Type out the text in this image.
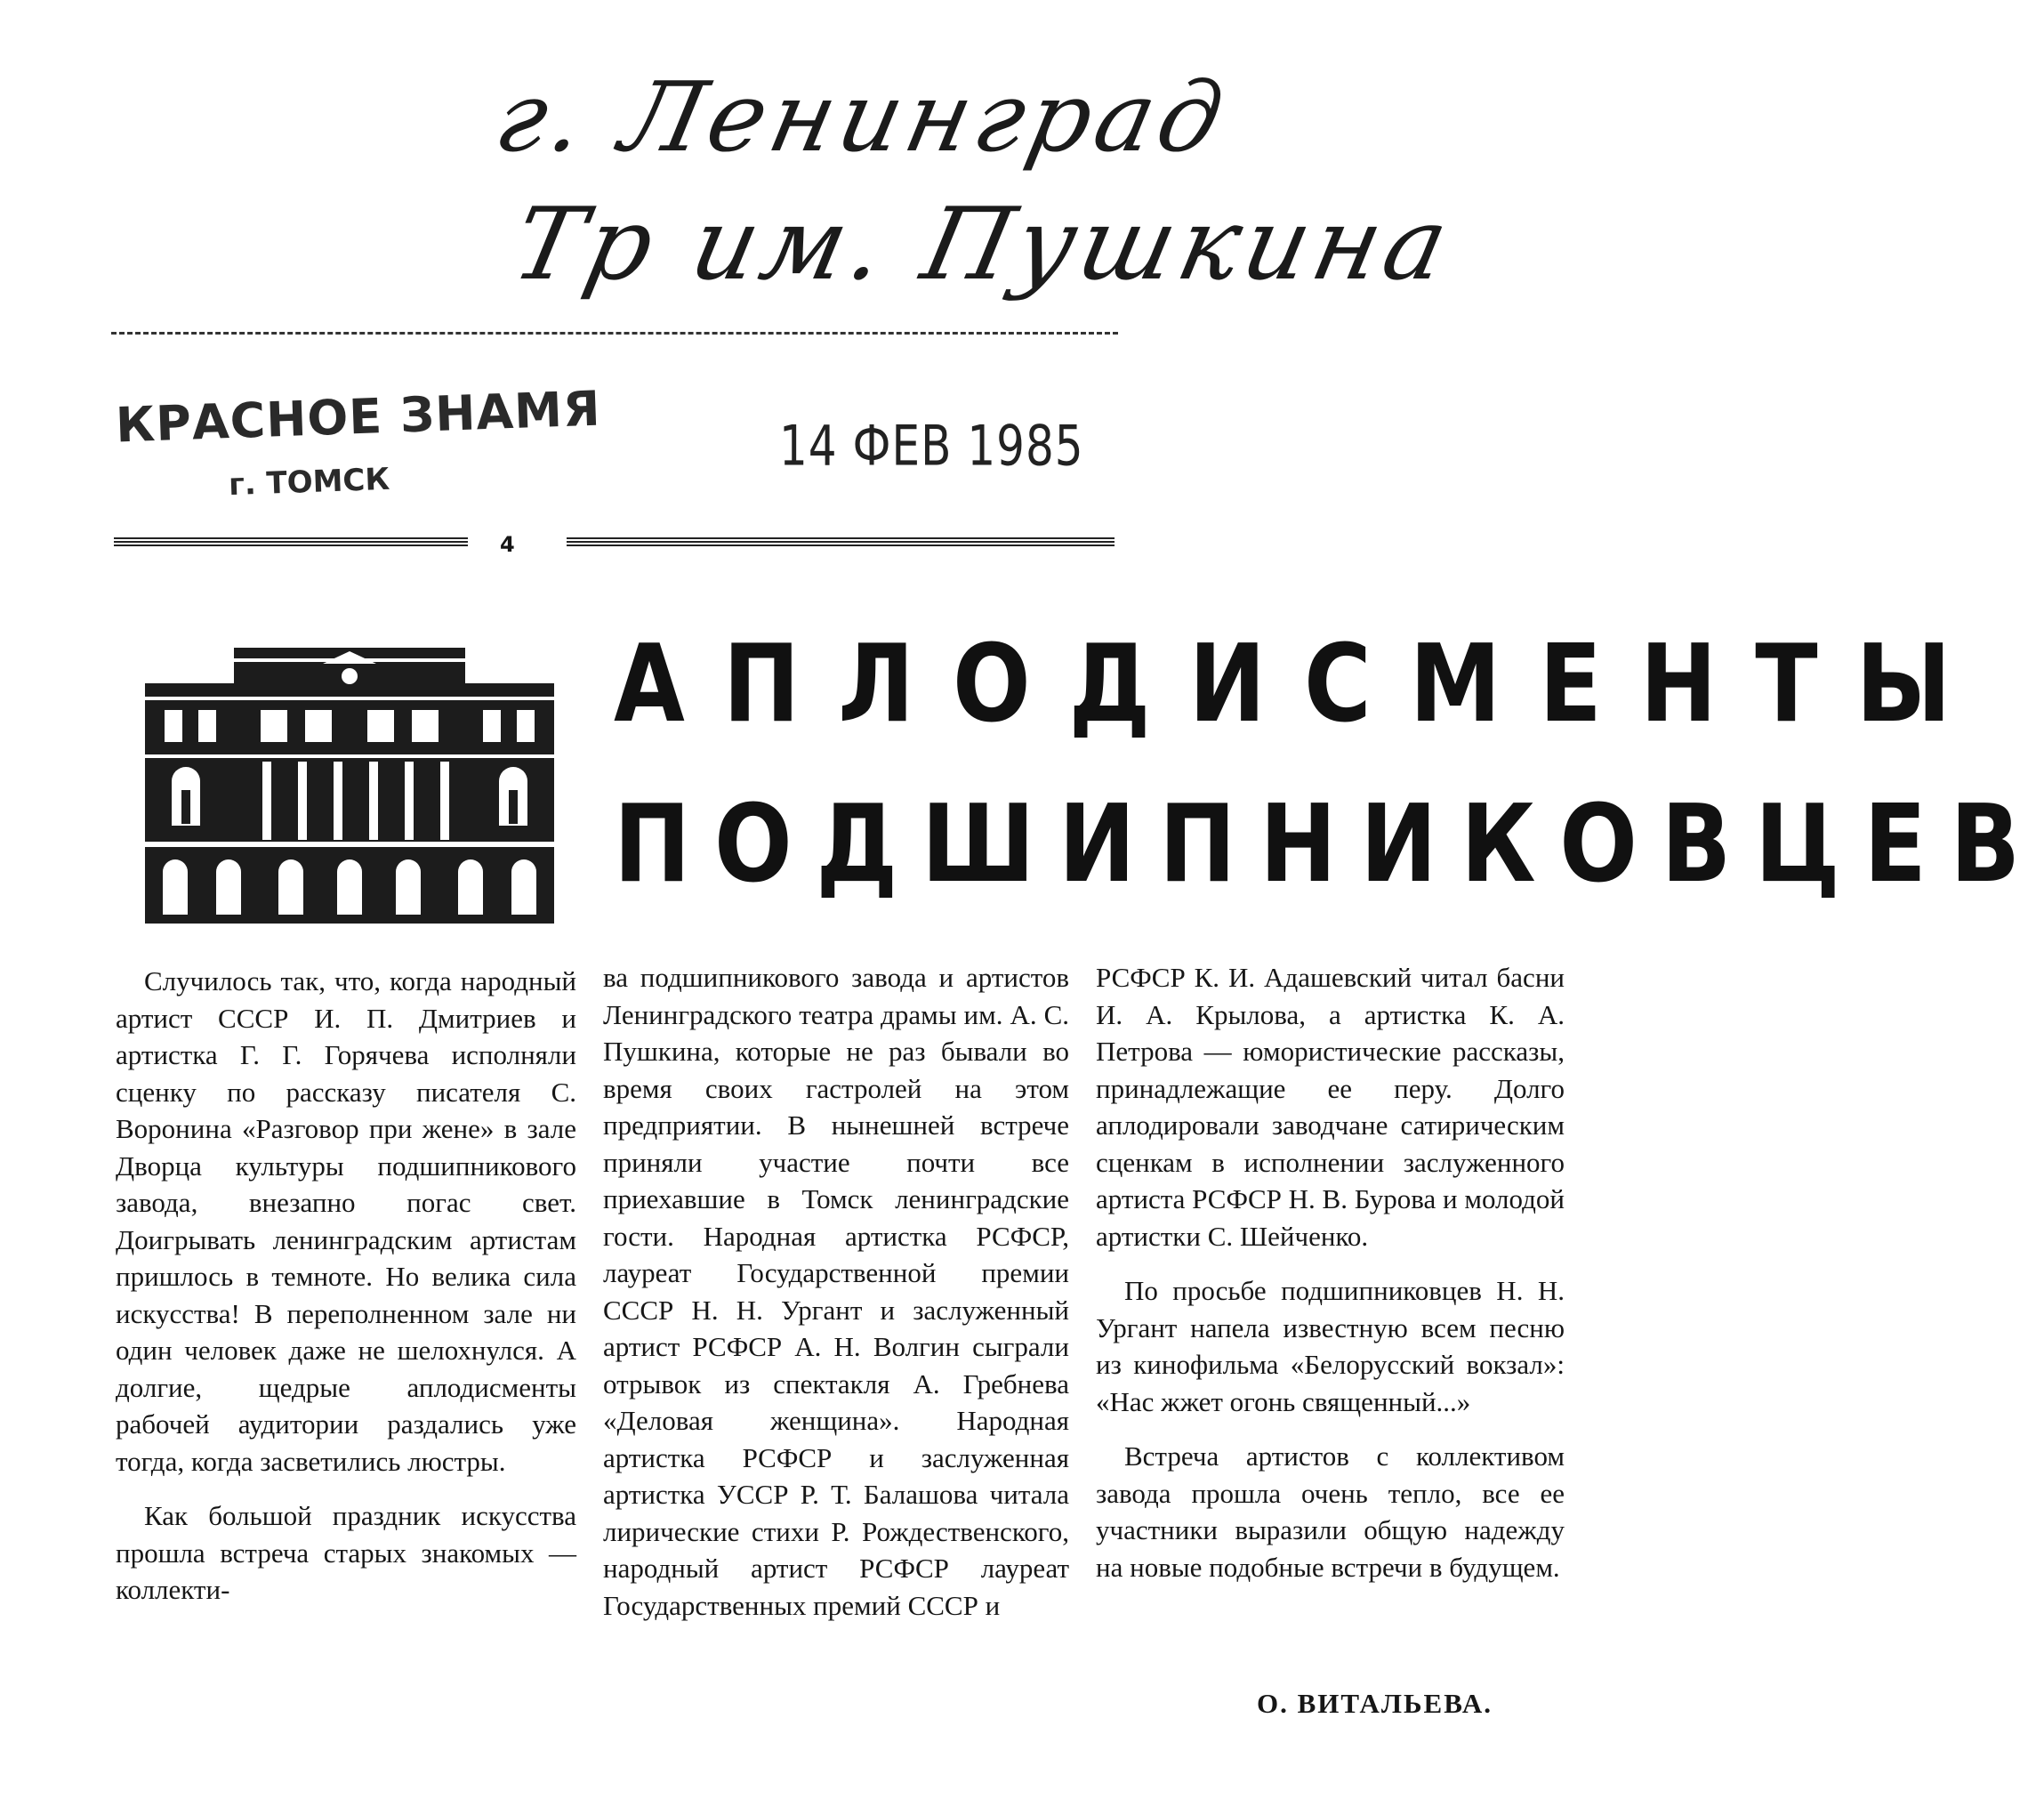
г. Ленинград
Тр им. Пушкина
КРАСНОЕ ЗНАМЯ
г. ТОМСК
14 ФЕВ 1985
4
АПЛОДИСМЕНТЫ
ПОДШИПНИКОВЦЕВ

Случилось так, что, когда народный артист СССР И. П. Дмитриев и артистка Г. Г. Горячева исполняли сценку по рассказу писателя С. Воронина «Разговор при жене» в зале Дворца культуры подшипникового завода, внезапно погас свет. Доигрывать ленинградским артистам пришлось в темноте. Но велика сила искусства! В переполненном зале ни один человек даже не шелохнулся. А долгие, щедрые аплодисменты рабочей аудитории раздались уже тогда, когда засветились люстры.

Как большой праздник искусства прошла встреча старых знакомых — коллекти-

ва подшипникового завода и артистов Ленинградского театра драмы им. А. С. Пушкина, которые не раз бывали во время своих гастролей на этом предприятии. В нынешней встрече приняли участие почти все приехавшие в Томск ленинградские гости. Народная артистка РСФСР, лауреат Государственной премии СССР Н. Н. Ургант и заслуженный артист РСФСР А. Н. Волгин сыграли отрывок из спектакля А. Гребнева «Деловая женщина». Народная артистка РСФСР и заслуженная артистка УССР Р. Т. Балашова читала лирические стихи Р. Рождественского, народный артист РСФСР лауреат Государственных премий СССР и

РСФСР К. И. Адашевский читал басни И. А. Крылова, а артистка К. А. Петрова — юмористические рассказы, принадлежащие ее перу. Долго аплодировали заводчане сатирическим сценкам в исполнении заслуженного артиста РСФСР Н. В. Бурова и молодой артистки С. Шейченко.

По просьбе подшипниковцев Н. Н. Ургант напела известную всем песню из кинофильма «Белорусский вокзал»: «Нас жжет огонь священный...»

Встреча артистов с коллективом завода прошла очень тепло, все ее участники выразили общую надежду на новые подобные встречи в будущем.

О. ВИТАЛЬЕВА.
